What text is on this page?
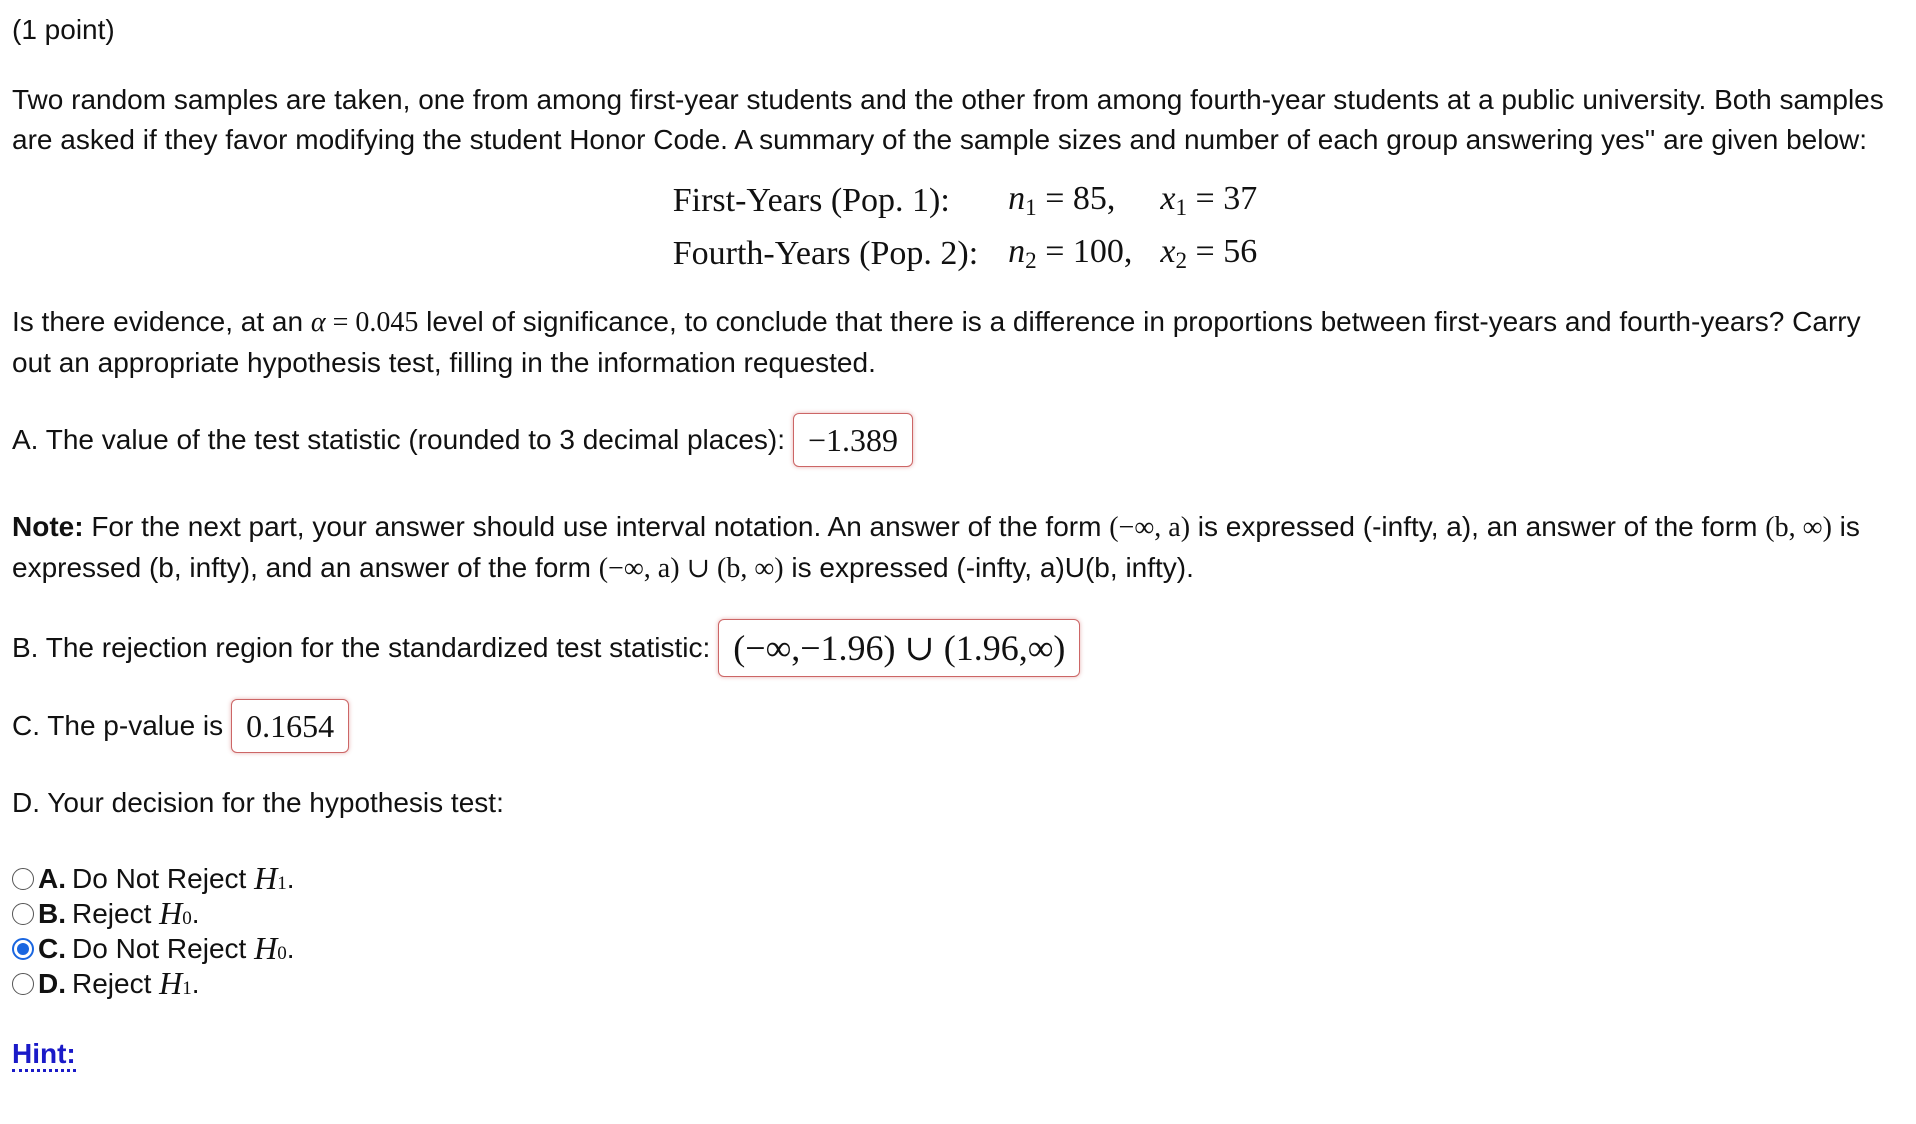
(1 point)

Two random samples are taken, one from among first-year students and the other from among fourth-year students at a public university. Both samples are asked if they favor modifying the student Honor Code. A summary of the sample sizes and number of each group answering yes'' are given below:

First-Years (Pop. 1):	n1 = 85,	x1 = 37
Fourth-Years (Pop. 2):	n2 = 100,	x2 = 56

Is there evidence, at an α = 0.045 level of significance, to conclude that there is a difference in proportions between first-years and fourth-years? Carry out an appropriate hypothesis test, filling in the information requested.

A. The value of the test statistic (rounded to 3 decimal places): −1.389

Note: For the next part, your answer should use interval notation. An answer of the form (−∞, a) is expressed (-infty, a), an answer of the form (b, ∞) is expressed (b, infty), and an answer of the form (−∞, a) ∪ (b, ∞) is expressed (-infty, a)U(b, infty).

B. The rejection region for the standardized test statistic: (−∞,−1.96) ∪ (1.96,∞)
C. The p-value is 0.1654

D. Your decision for the hypothesis test:

A. Do Not Reject
H 1 .
B. Reject
H 0 .
C. Do Not Reject
H 0 .
D. Reject
H 1 .
Hint:
